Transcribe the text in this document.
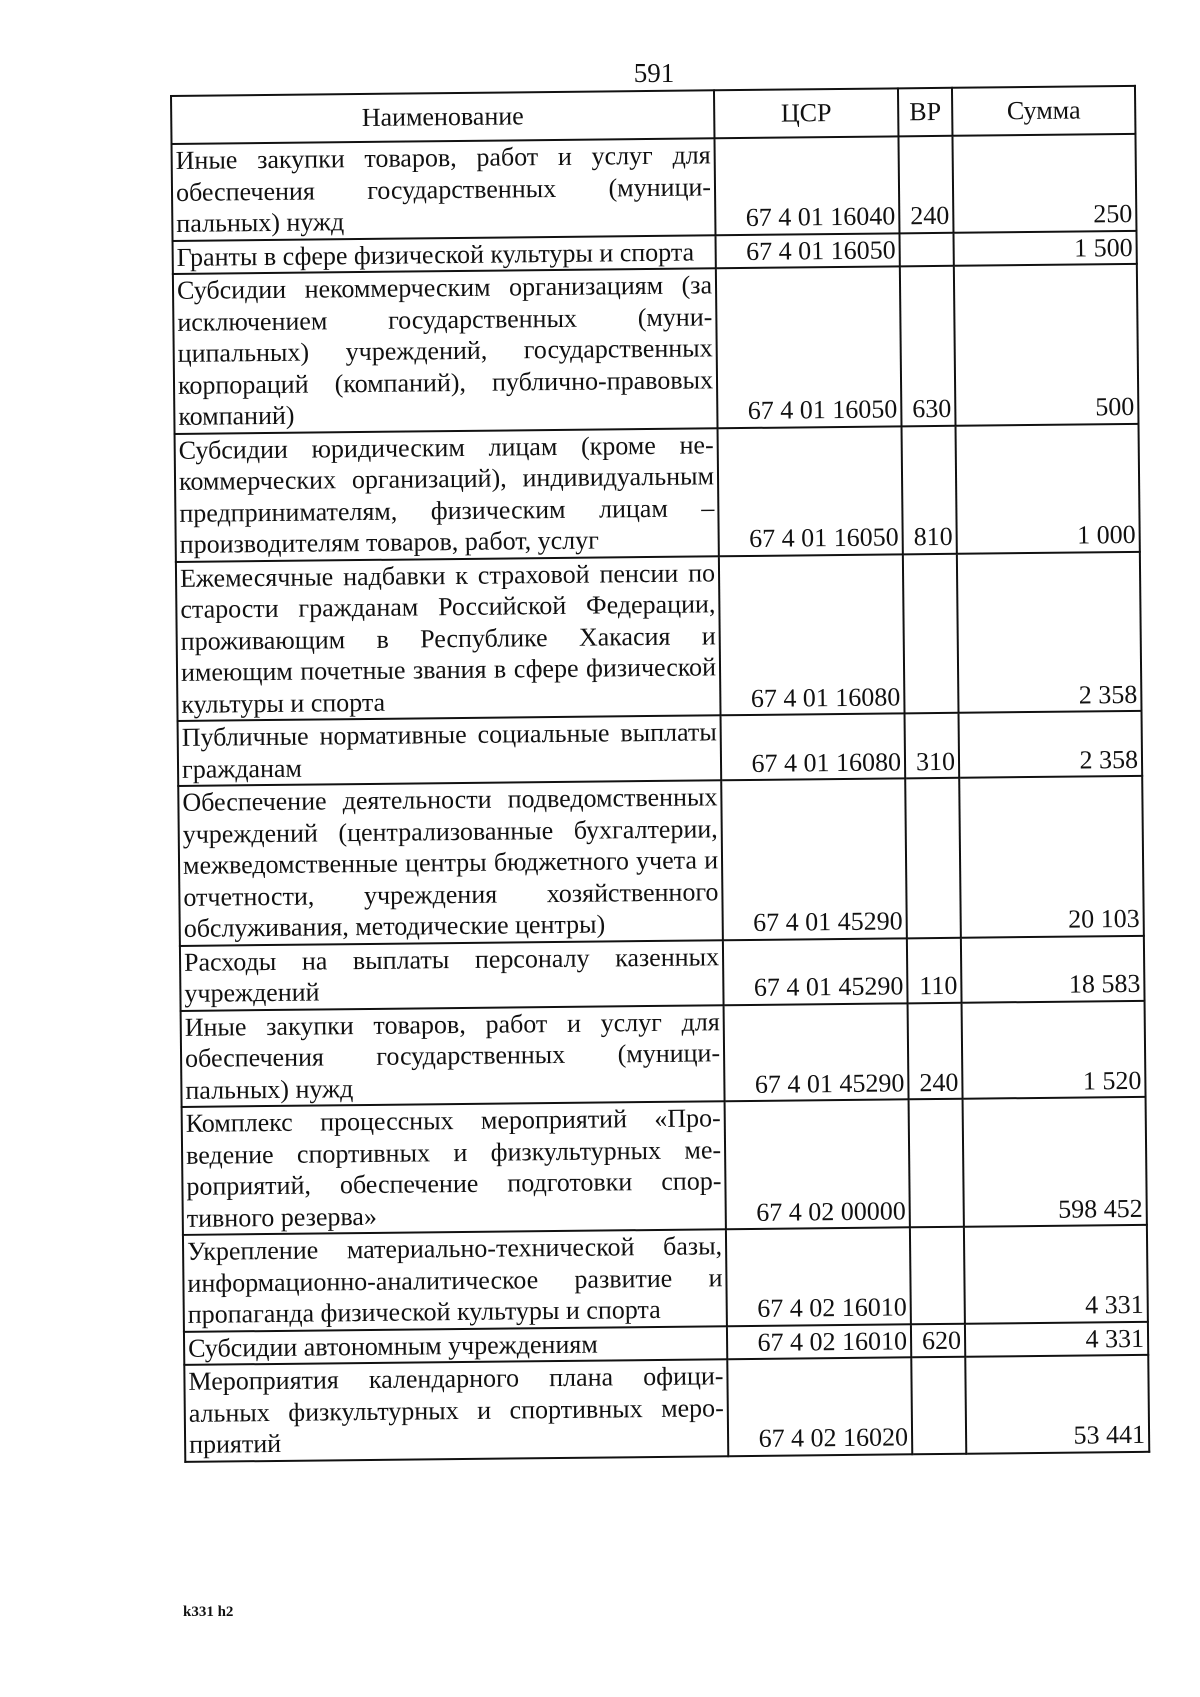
591
Наименование	ЦСР	ВР	Сумма
Иные закупки товаров, работ и услуг для обеспечения государственных (муниципальных) нужд	67 4 01 16040	240	250
Гранты в сфере физической культуры и спорта	67 4 01 16050		1 500
Субсидии некоммерческим организациям (за исключением государственных (муниципальных) учреждений, государственных корпораций (компаний), публично-правовых компаний)	67 4 01 16050	630	500
Субсидии юридическим лицам (кроме некоммерческих организаций), индивидуальным предпринимателям, физическим лицам – производителям товаров, работ, услуг	67 4 01 16050	810	1 000
Ежемесячные надбавки к страховой пенсии по старости гражданам Российской Федерации, проживающим в Республике Хакасия и имеющим почетные звания в сфере физической культуры и спорта	67 4 01 16080		2 358
Публичные нормативные социальные выплаты гражданам	67 4 01 16080	310	2 358
Обеспечение деятельности подведомственных учреждений (централизованные бухгалтерии, межведомственные центры бюджетного учета и отчетности, учреждения хозяйственного обслуживания, методические центры)	67 4 01 45290		20 103
Расходы на выплаты персоналу казенных учреждений	67 4 01 45290	110	18 583
Иные закупки товаров, работ и услуг для обеспечения государственных (муниципальных) нужд	67 4 01 45290	240	1 520
Комплекс процессных мероприятий «Проведение спортивных и физкультурных мероприятий, обеспечение подготовки спортивного резерва»	67 4 02 00000		598 452
Укрепление материально-технической базы, информационно-аналитическое развитие и пропаганда физической культуры и спорта	67 4 02 16010		4 331
Субсидии автономным учреждениям	67 4 02 16010	620	4 331
Мероприятия календарного плана официальных физкультурных и спортивных мероприятий	67 4 02 16020		53 441
k331 h2
